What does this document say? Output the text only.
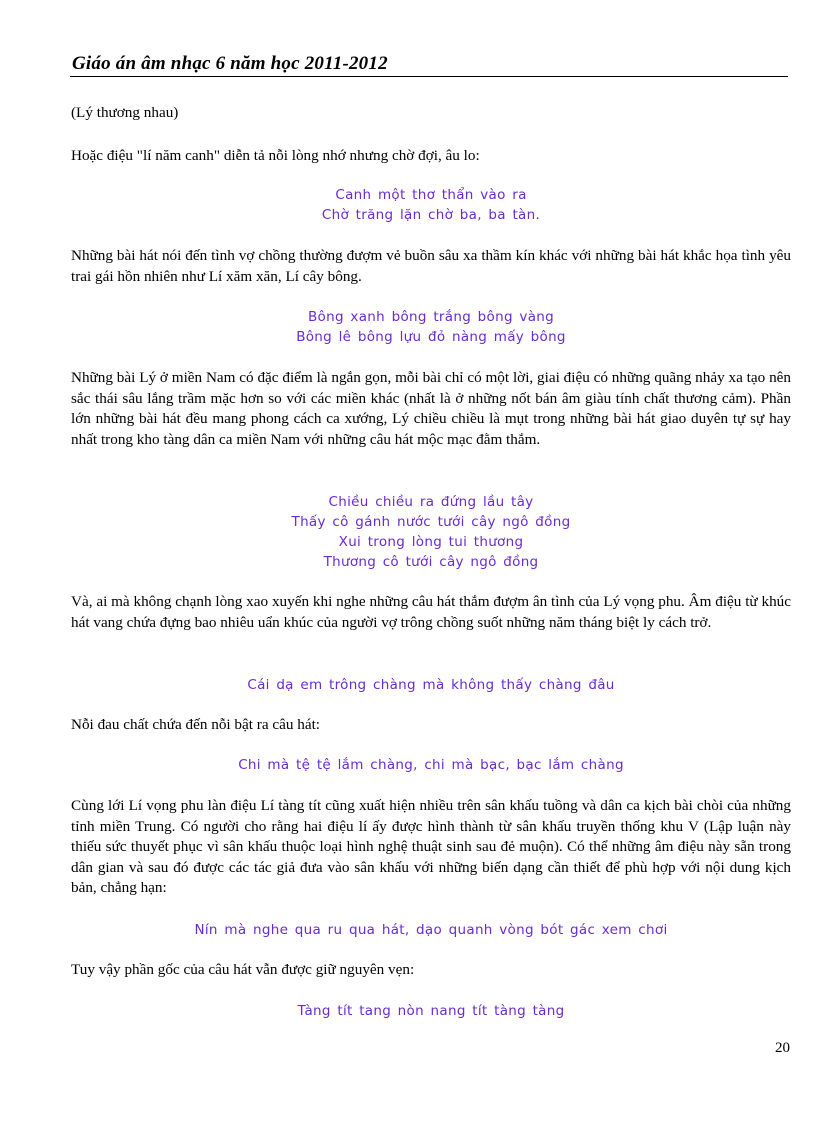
Giáo án âm nhạc 6 năm học 2011-2012

(Lý thương nhau)

Hoặc điệu "lí năm canh" diễn tả nỗi lòng nhớ nhưng chờ đợi, âu lo:

Canh một thơ thẩn vào ra
Chờ trăng lặn chờ ba, ba tàn.

Những bài hát nói đến tình vợ chồng thường đượm vẻ buồn sâu xa thầm kín khác với những bài hát khắc họa tình yêu trai gái hồn nhiên như Lí xăm xăn, Lí cây bông.

Bông xanh bông trắng bông vàng
Bông lê bông lựu đỏ nàng mấy bông

Những bài Lý ở miền Nam có đặc điểm là ngắn gọn, mỗi bài chỉ có một lời, giai điệu có những quãng nhảy xa tạo nên sắc thái sâu lắng trầm mặc hơn so với các miền khác (nhất là ở những nốt bán âm giàu tính chất thương cảm). Phần lớn những bài hát đều mang phong cách ca xướng, Lý chiều chiều là mụt trong những bài hát giao duyên tự sự hay nhất trong kho tàng dân ca miền Nam với những câu hát mộc mạc đằm thắm.

Chiều chiều ra đứng lầu tây
Thấy cô gánh nước tưới cây ngô đồng
Xui trong lòng tui thương
Thương cô tưới cây ngô đồng

Và, ai mà không chạnh lòng xao xuyến khi nghe những câu hát thắm đượm ân tình của Lý vọng phu. Âm điệu từ khúc hát vang chứa đựng bao nhiêu uẩn khúc của người vợ trông chồng suốt những năm tháng biệt ly cách trở.

Cái dạ em trông chàng mà không thấy chàng đâu

Nỗi đau chất chứa đến nỗi bật ra câu hát:

Chi mà tệ tệ lắm chàng, chi mà bạc, bạc lắm chàng

Cùng lới Lí vọng phu làn điệu Lí tàng tít cũng xuất hiện nhiều trên sân khấu tuồng và dân ca kịch bài chòi của những tỉnh miền Trung. Có người cho rằng hai điệu lí ấy được hình thành từ sân khấu truyền thống khu V (Lập luận này thiếu sức thuyết phục vì sân khấu thuộc loại hình nghệ thuật sinh sau đẻ muộn). Có thể những âm điệu này sẵn trong dân gian và sau đó được các tác giả đưa vào sân khấu với những biến dạng cần thiết để phù hợp với nội dung kịch bản, chẳng hạn:

Nín mà nghe qua ru qua hát, dạo quanh vòng bót gác xem chơi

Tuy vậy phần gốc của câu hát vẫn được giữ nguyên vẹn:

Tàng tít tang nòn nang tít tàng tàng
20
